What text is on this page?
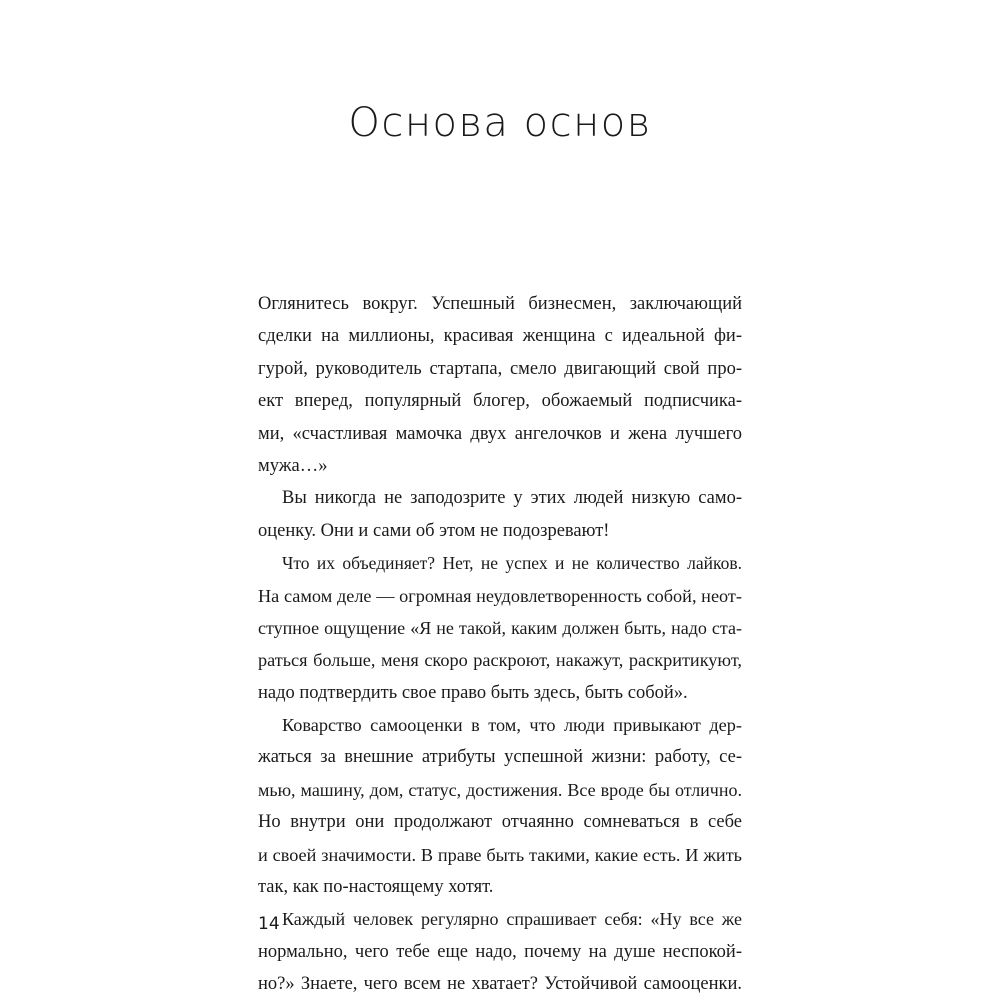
Основа основ
Оглянитесь вокруг. Успешный бизнесмен, заключающий
сделки на миллионы, красивая женщина с идеальной фи-
гурой, руководитель стартапа, смело двигающий свой про-
ект вперед, популярный блогер, обожаемый подписчика-
ми, «счастливая мамочка двух ангелочков и жена лучшего
мужа…»
Вы никогда не заподозрите у этих людей низкую само-
оценку. Они и сами об этом не подозревают!
Что их объединяет? Нет, не успех и не количество лайков.
На самом деле — огромная неудовлетворенность собой, неот-
ступное ощущение «Я не такой, каким должен быть, надо ста-
раться больше, меня скоро раскроют, накажут, раскритикуют,
надо подтвердить свое право быть здесь, быть собой».
Коварство самооценки в том, что люди привыкают дер-
жаться за внешние атрибуты успешной жизни: работу, се-
мью, машину, дом, статус, достижения. Все вроде бы отлично.
Но внутри они продолжают отчаянно сомневаться в себе
и своей значимости. В праве быть такими, какие есть. И жить
так, как по-настоящему хотят.
Каждый человек регулярно спрашивает себя: «Ну все же
нормально, чего тебе еще надо, почему на душе неспокой-
но?» Знаете, чего всем не хватает? Устойчивой самооценки.
14
